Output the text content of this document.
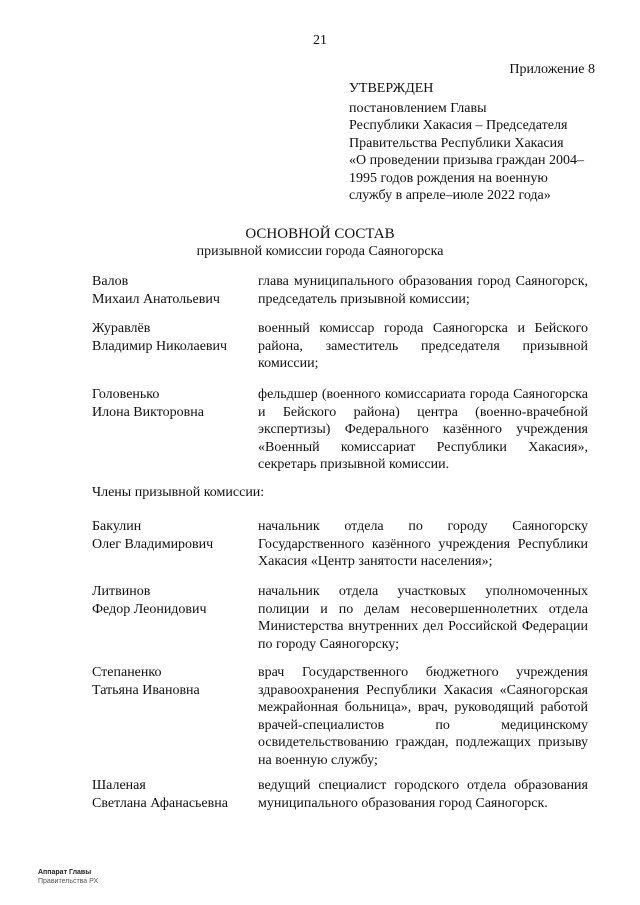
21
Приложение 8
УТВЕРЖДЕН
постановлением Главы
Республики Хакасия – Председателя
Правительства Республики Хакасия
«О проведении призыва граждан 2004–
1995 годов рождения на военную
службу в апреле–июле 2022 года»
ОСНОВНОЙ СОСТАВ
призывной комиссии города Саяногорска
Валов
Михаил Анатольевич
глава муниципального образования город Саяногорск, председатель призывной комиссии;
Журавлёв
Владимир Николаевич
военный комиссар города Саяногорска и Бейского района, заместитель председателя призывной комиссии;
Головенько
Илона Викторовна
фельдшер (военного комиссариата города Саяногорска и Бейского района) центра (военно-врачебной экспертизы) Федерального казённого учреждения «Военный комиссариат Республики Хакасия», секретарь призывной комиссии.
Члены призывной комиссии:
Бакулин
Олег Владимирович
начальник отдела по городу Саяногорску Государственного казённого учреждения Республики Хакасия «Центр занятости населения»;
Литвинов
Федор Леонидович
начальник отдела участковых уполномоченных полиции и по делам несовершеннолетних отдела Министерства внутренних дел Российской Федерации по городу Саяногорску;
Степаненко
Татьяна Ивановна
врач Государственного бюджетного учреждения здравоохранения Республики Хакасия «Саяногорская межрайонная больница», врач, руководящий работой врачей-специалистов по медицинскому освидетельствованию граждан, подлежащих призыву на военную службу;
Шаленая
Светлана Афанасьевна
ведущий специалист городского отдела образования муниципального образования город Саяногорск.
Аппарат Главы
Правительства РХ
